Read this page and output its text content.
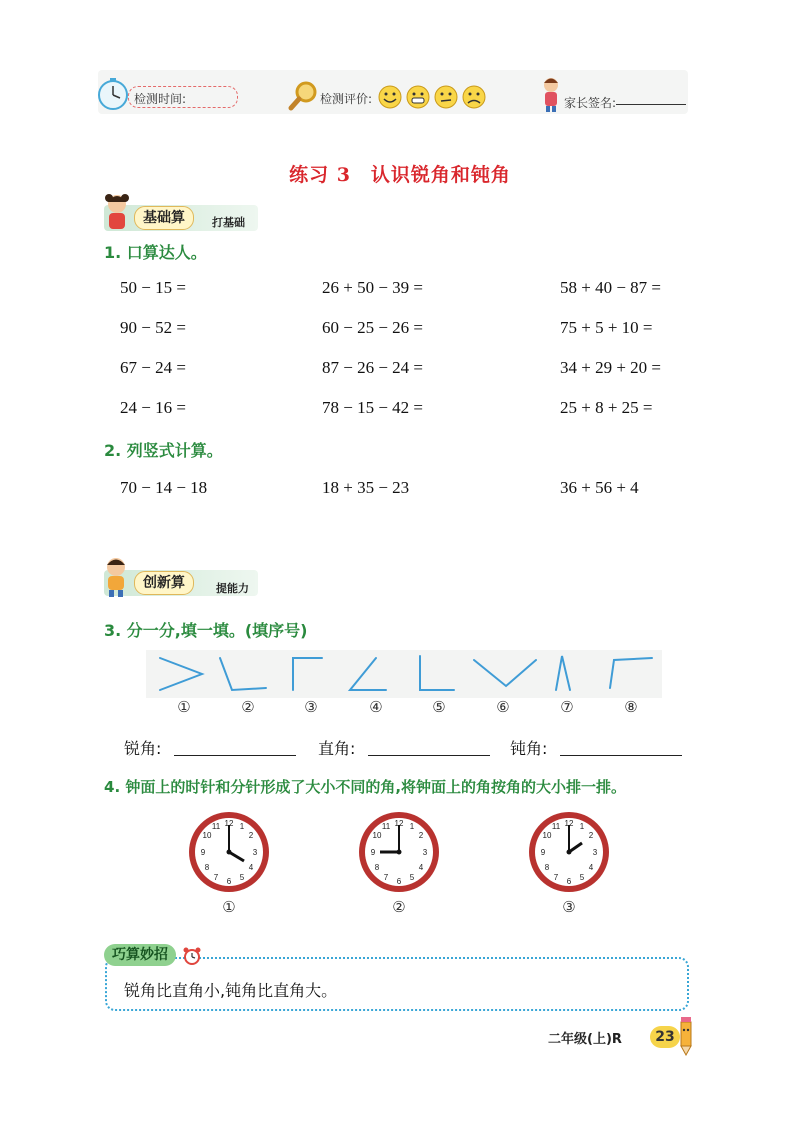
检测时间:	检测评价:	家长签名:
练习 3　认识锐角和钝角
基础算	打基础
1. 口算达人。
50 − 15 =	26 + 50 − 39 =	58 + 40 − 87 =
90 − 52 =	60 − 25 − 26 =	75 + 5 + 10 =
67 − 24 =	87 − 26 − 24 =	34 + 29 + 20 =
24 − 16 =	78 − 15 − 42 =	25 + 8 + 25 =
2. 列竖式计算。
70 − 14 − 18	18 + 35 − 23	36 + 56 + 4
创新算	提能力
3. 分一分,填一填。(填序号)
①	②	③	④	⑤	⑥	⑦	⑧
锐角:	直角:	钝角:
4. 钟面上的时针和分针形成了大小不同的角,将钟面上的角按角的大小排一排。
12 1
2
3
4
5
6
7
8
9
10
11	12 1
2
3
4
5
6
7
8
9
10
11	12 1
2
3
4
5
6
7
8
9
10
11
①	②	③
巧算妙招
锐角比直角小,钝角比直角大。
二年级(上)R	23
